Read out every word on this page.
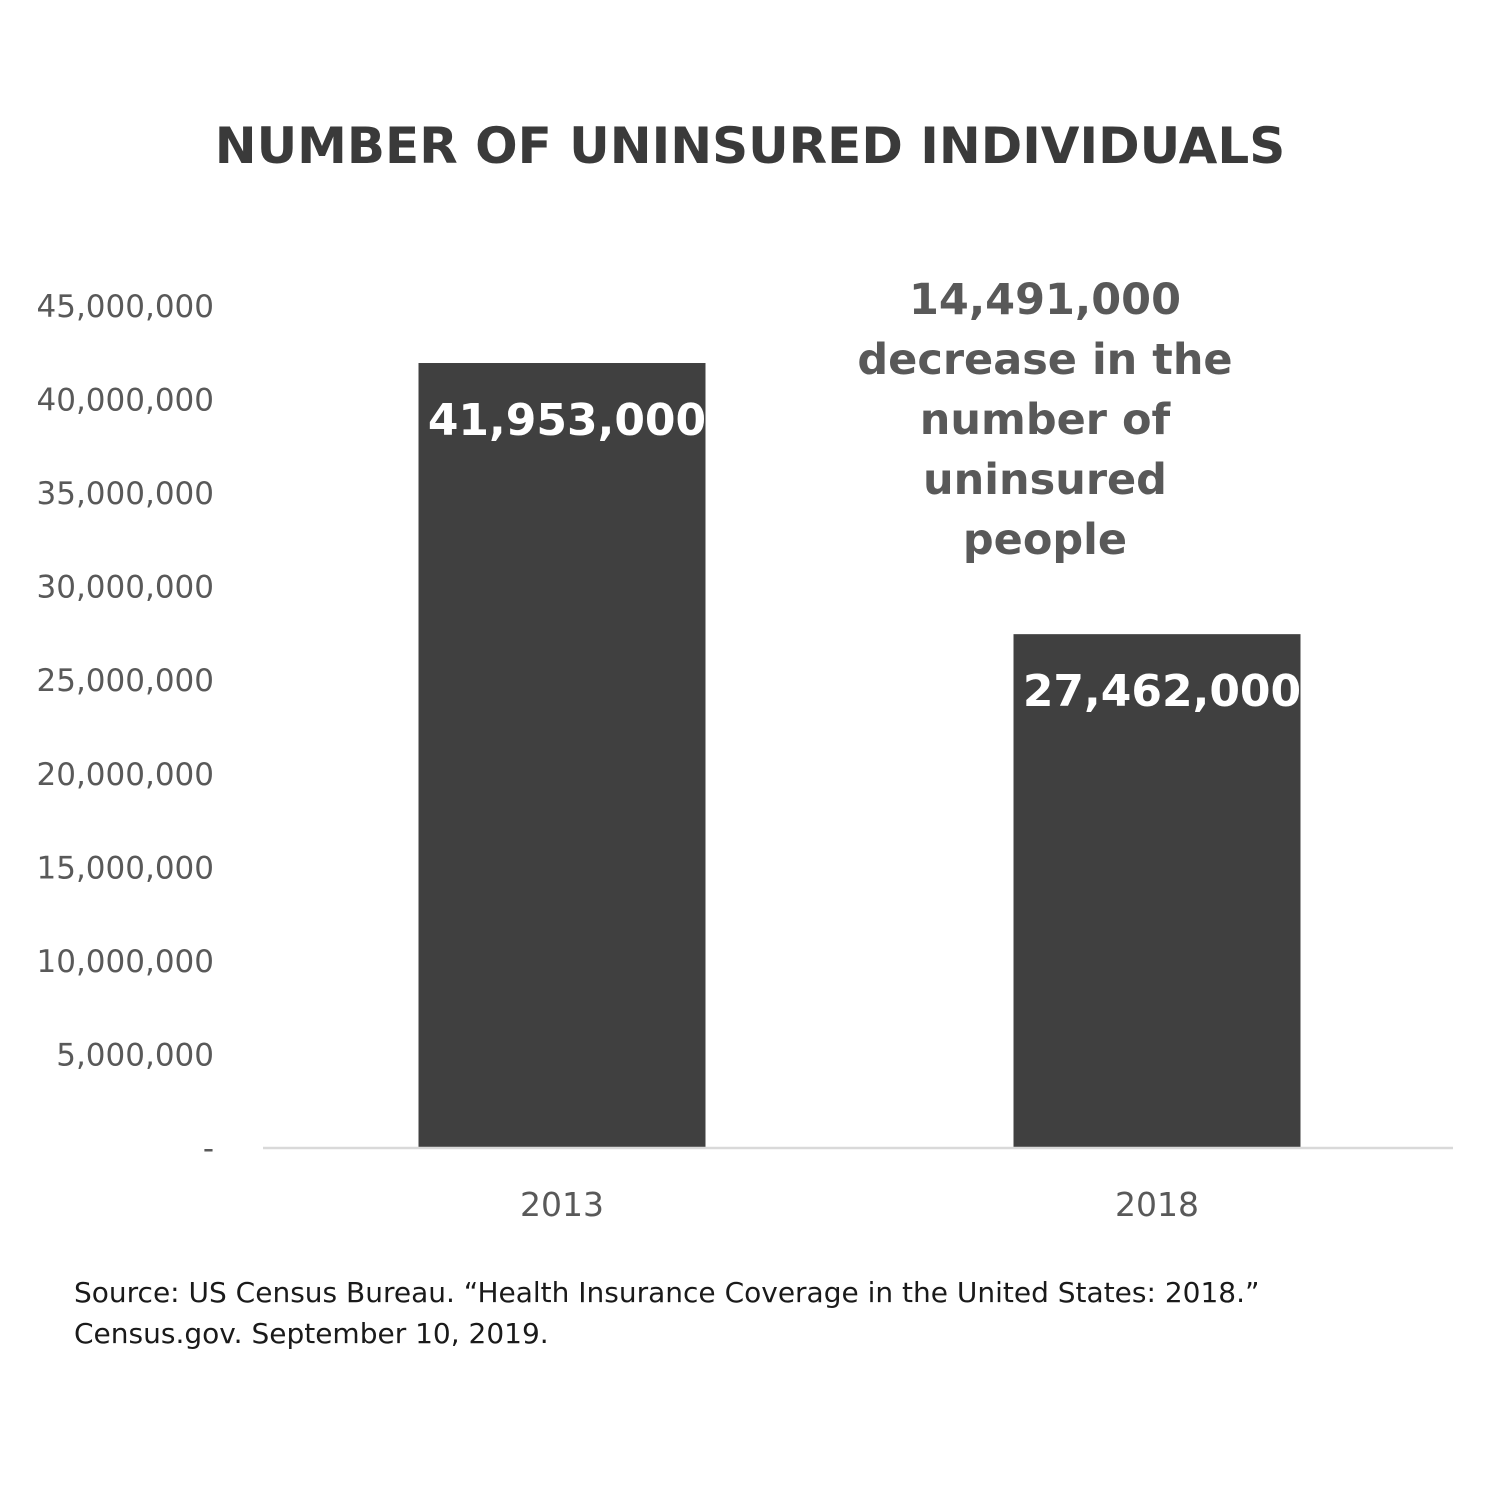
NUMBER OF UNINSURED INDIVIDUALS
-
5,000,000
10,000,000
15,000,000
20,000,000
25,000,000
30,000,000
35,000,000
40,000,000
45,000,000
2013	2018
41,953,000
27,462,000
14,491,000 decrease in the number of uninsured people
Source: US Census Bureau. “Health Insurance Coverage in the United States: 2018.”
Census.gov. September 10, 2019.
